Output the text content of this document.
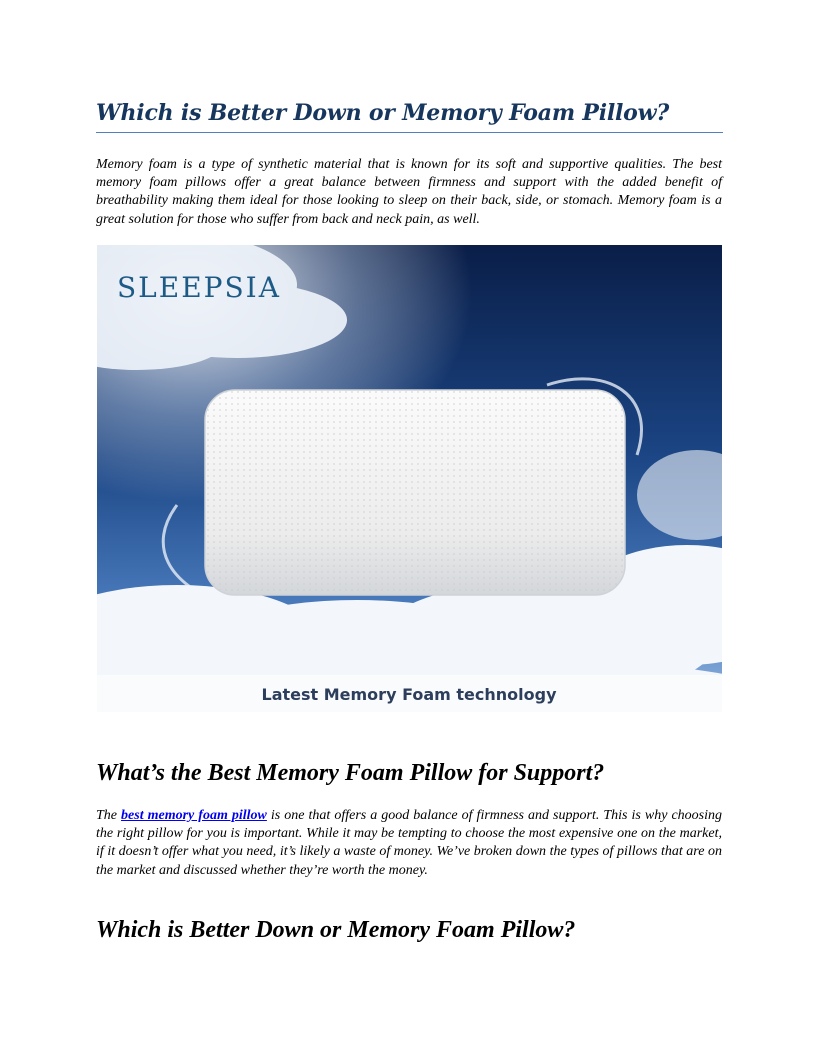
Which is Better Down or Memory Foam Pillow?

Memory foam is a type of synthetic material that is known for its soft and supportive qualities. The best memory foam pillows offer a great balance between firmness and support with the added benefit of breathability making them ideal for those looking to sleep on their back, side, or stomach. Memory foam is a great solution for those who suffer from back and neck pain, as well.

SLEEPSIA
Latest Memory Foam technology
What’s the Best Memory Foam Pillow for Support?

The best memory foam pillow is one that offers a good balance of firmness and support. This is why choosing the right pillow for you is important. While it may be tempting to choose the most expensive one on the market, if it doesn’t offer what you need, it’s likely a waste of money. We’ve broken down the types of pillows that are on the market and discussed whether they’re worth the money.

Which is Better Down or Memory Foam Pillow?
